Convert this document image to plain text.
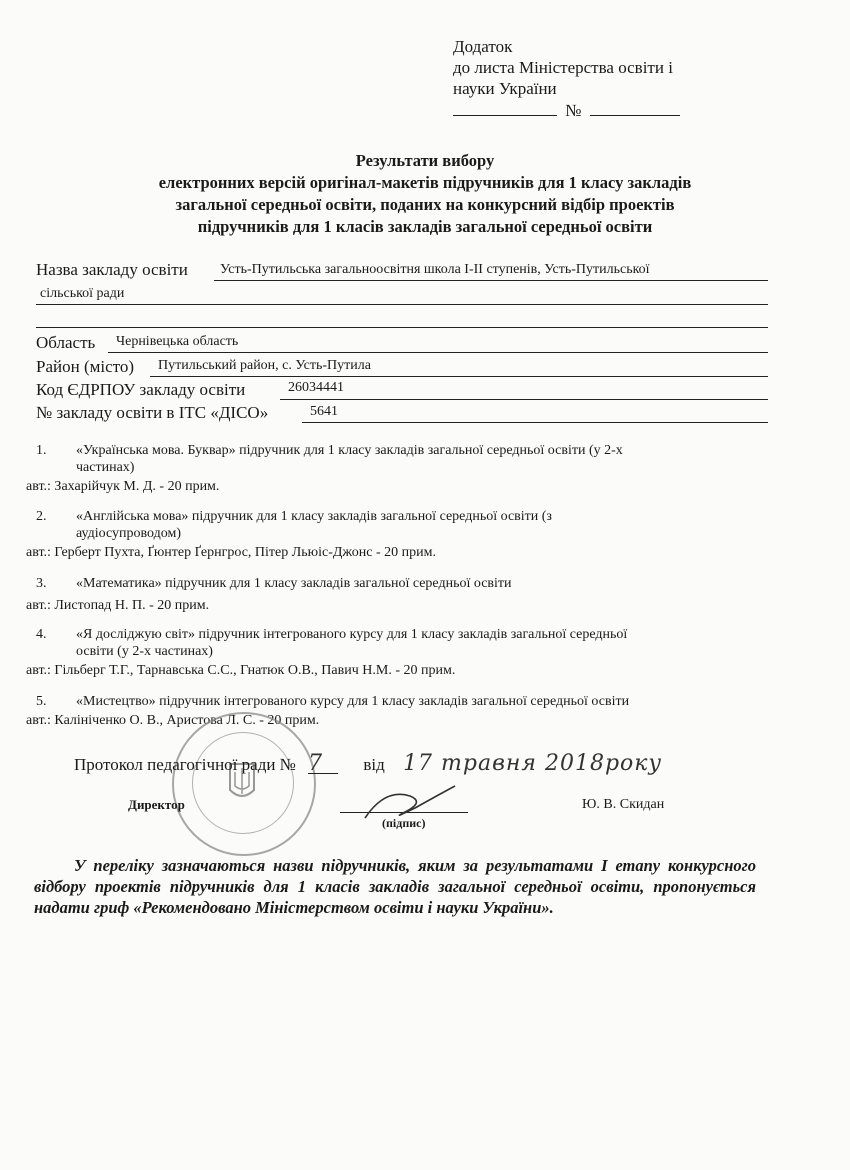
Додаток
до листа Міністерства освіти і
науки України
№
Результати вибору
електронних версій оригінал-макетів підручників для 1 класу закладів
загальної середньої освіти, поданих на конкурсний відбір проектів
підручників для 1 класів закладів загальної середньої освіти
Назва закладу освіти Усть-Путильська загальноосвітня школа I-II ступенів, Усть-Путильської
сільської ради
Область Чернівецька область
Район (місто) Путильський район, с. Усть-Путила
Код ЄДРПОУ закладу освіти	26034441
№ закладу освіти в ІТС «ДІСО»	5641
1. «Українська мова. Буквар» підручник для 1 класу закладів загальної середньої освіти (у 2-х
частинах)
авт.: Захарійчук М. Д. - 20 прим.
2. «Англійська мова» підручник для 1 класу закладів загальної середньої освіти (з
аудіосупроводом)
авт.: Герберт Пухта, Ґюнтер Ґернгрос, Пітер Льюіс-Джонс - 20 прим.
3. «Математика» підручник для 1 класу закладів загальної середньої освіти
авт.: Листопад Н. П. - 20 прим.
4. «Я досліджую світ» підручник інтегрованого курсу для 1 класу закладів загальної середньої
освіти (у 2-х частинах)
авт.: Гільберг Т.Г., Тарнавська С.С., Гнатюк О.В., Павич Н.М. - 20 прим.
5. «Мистецтво» підручник інтегрованого курсу для 1 класу закладів загальної середньої освіти
авт.: Калініченко О. В., Аристова Л. С. - 20 прим.
Протокол педагогічної ради № 7 від 17 травня 2018року
Директор
(підпис)
Ю. В. Скидан
У переліку зазначаються назви підручників, яким за результатами І етапу конкурсного відбору проектів підручників для 1 класів закладів загальної середньої освіти, пропонується надати гриф «Рекомендовано Міністерством освіти і науки України».
